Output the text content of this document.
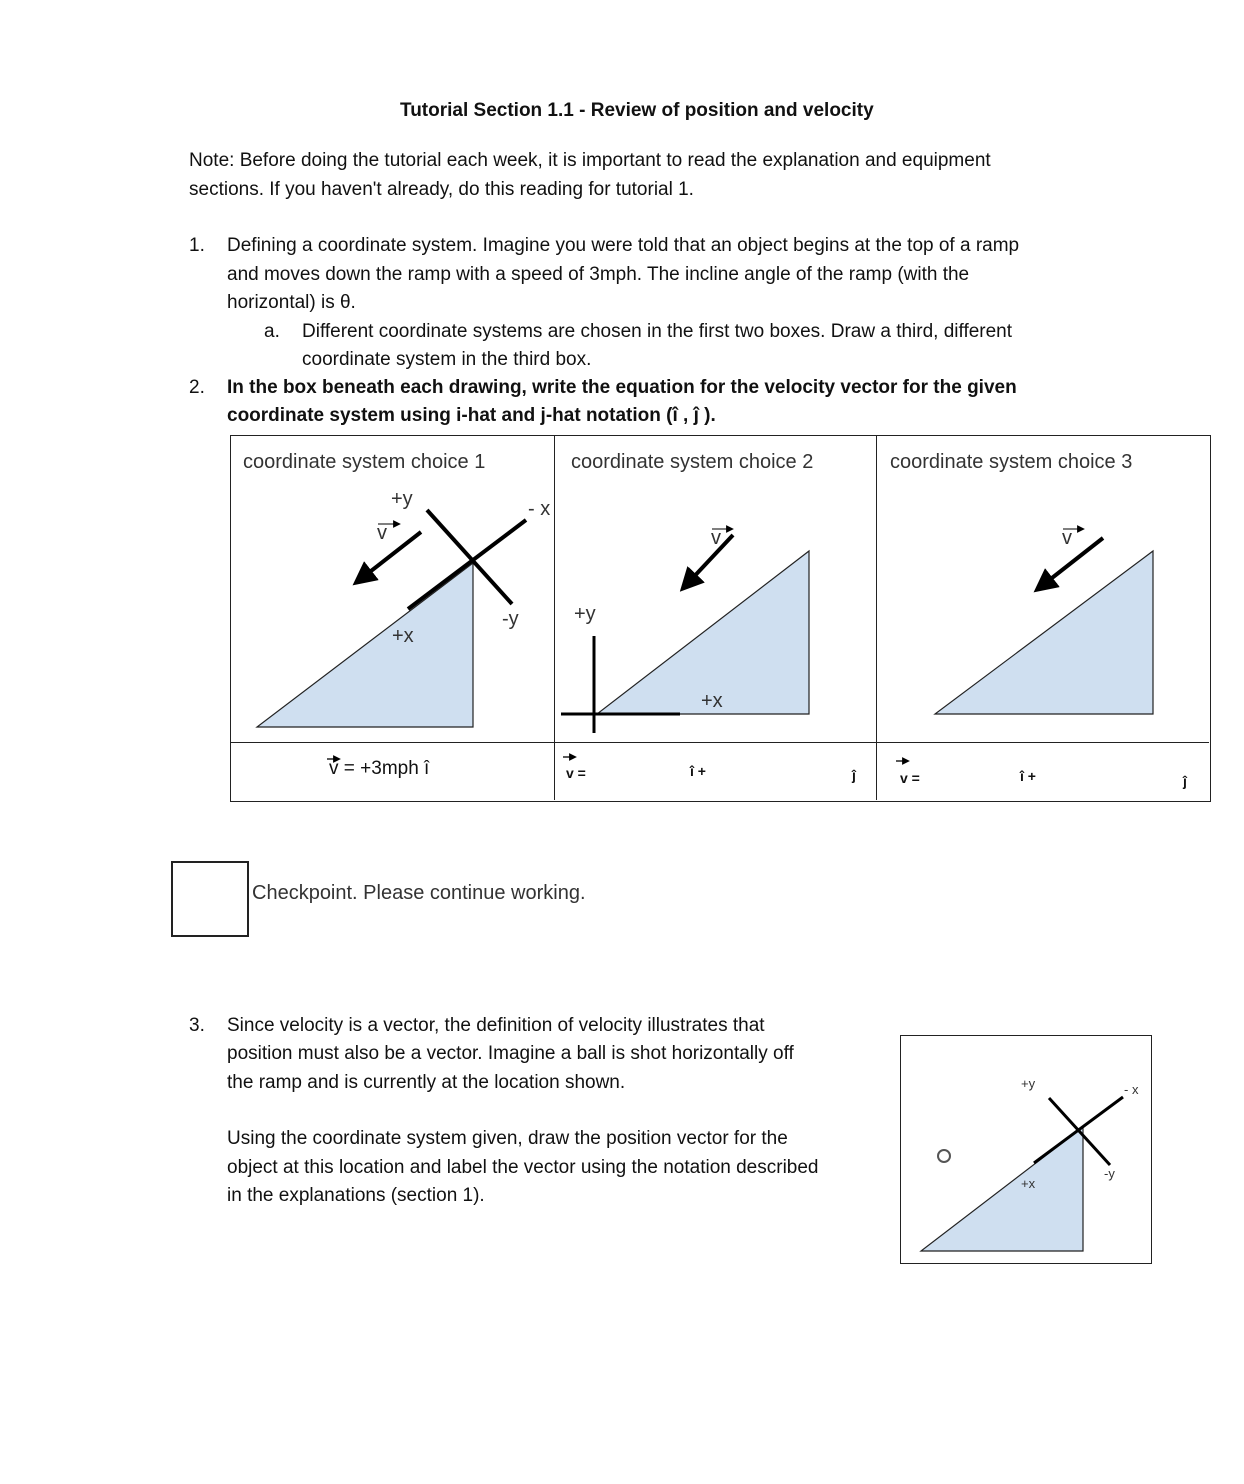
Tutorial Section 1.1 - Review of position and velocity
Note: Before doing the tutorial each week, it is important to read the explanation and equipment
sections. If you haven't already, do this reading for tutorial 1.
1. Defining a coordinate system. Imagine you were told that an object begins at the top of a ramp
and moves down the ramp with a speed of 3mph. The incline angle of the ramp (with the
horizontal) is θ.
a. Different coordinate systems are chosen in the first two boxes. Draw a third, different
coordinate system in the third box.
2. In the box beneath each drawing, write the equation for the velocity vector for the given
coordinate system using i-hat and j-hat notation (î , ĵ ).
coordinate system choice 1	coordinate system choice 2	coordinate system choice 3
+y	- x
-y
+x
v
+y
+x
v	v
v = +3mph î	v =	î +	ĵ	v =	î +	ĵ
Checkpoint. Please continue working.
3. Since velocity is a vector, the definition of velocity illustrates that
position must also be a vector. Imagine a ball is shot horizontally off
the ramp and is currently at the location shown.
Using the coordinate system given, draw the position vector for the
object at this location and label the vector using the notation described
in the explanations (section 1).
+y	- x
-y
+x
